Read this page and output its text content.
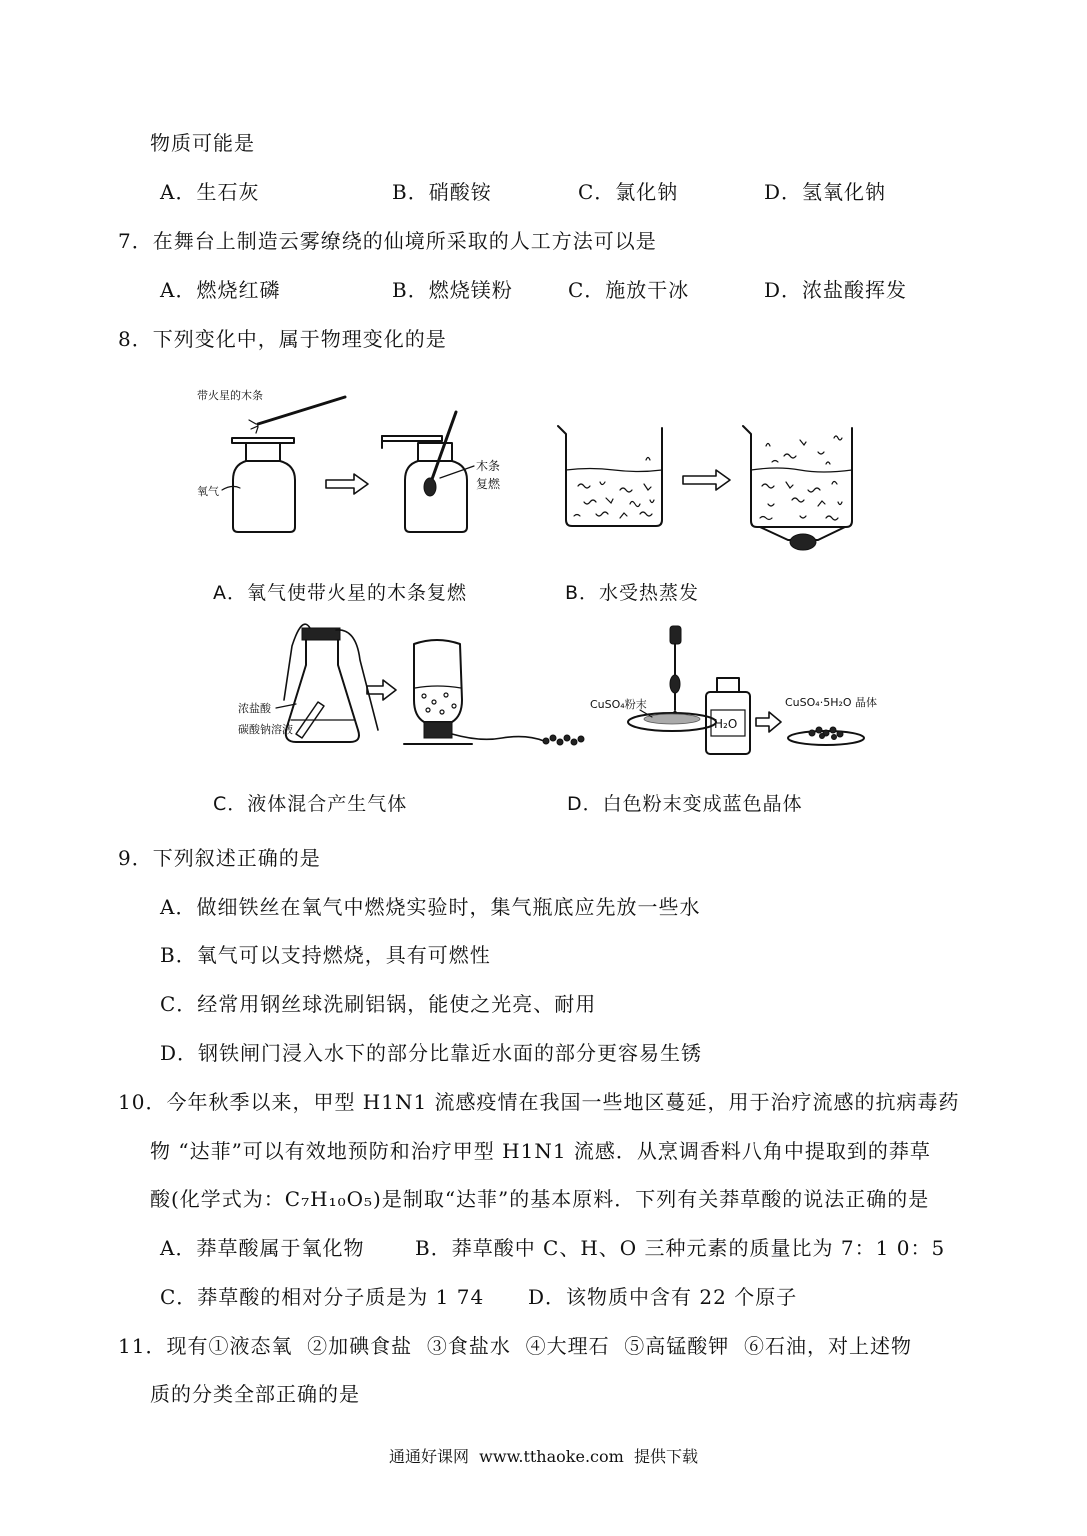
物质可能是
A．生石灰	B．硝酸铵	C．氯化钠	D．氢氧化钠
7．在舞台上制造云雾缭绕的仙境所采取的人工方法可以是
A．燃烧红磷	B．燃烧镁粉	C．施放干冰	D．浓盐酸挥发
8．下列变化中，属于物理变化的是
带火星的木条
氧气
木条
复燃
A．氧气使带火星的木条复燃	B．水受热蒸发
浓盐酸
碳酸钠溶液
CuSO₄粉末
H₂O
CuSO₄·5H₂O 晶体
C．液体混合产生气体	D．白色粉末变成蓝色晶体
9．下列叙述正确的是
A．做细铁丝在氧气中燃烧实验时，集气瓶底应先放一些水
B．氧气可以支持燃烧，具有可燃性
C．经常用钢丝球洗刷铝锅，能使之光亮、耐用
D．钢铁闸门浸入水下的部分比靠近水面的部分更容易生锈
10．今年秋季以来，甲型 H1N1 流感疫情在我国一些地区蔓延，用于治疗流感的抗病毒药
物 “达菲”可以有效地预防和治疗甲型 H1N1 流感．从烹调香料八角中提取到的莽草
酸(化学式为：C₇H₁₀O₅)是制取“达菲”的基本原料．下列有关莽草酸的说法正确的是
A．莽草酸属于氧化物	B．莽草酸中 C、H、O 三种元素的质量比为 7：1 0：5
C．莽草酸的相对分子质是为 1 74 D．该物质中含有 22 个原子
11．现有①液态氧  ②加碘食盐  ③食盐水  ④大理石  ⑤高锰酸钾  ⑥石油，对上述物
质的分类全部正确的是
通通好课网  www.tthaoke.com  提供下载
